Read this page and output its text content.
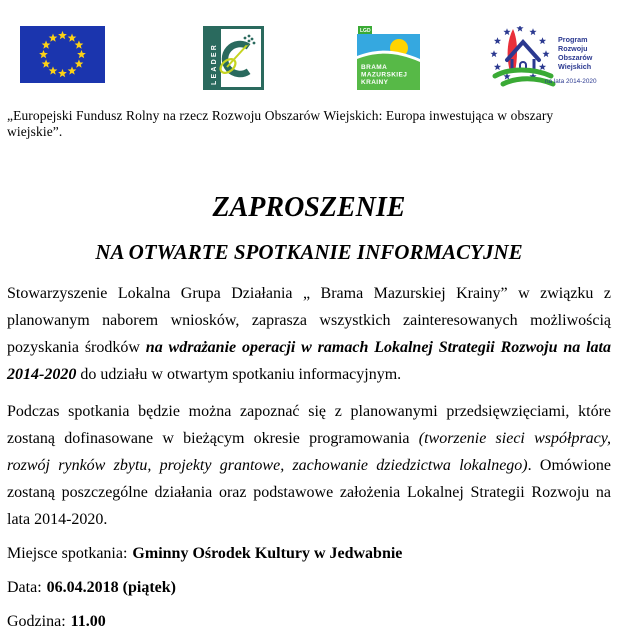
LEADER
LGD
BRAMA
MAZURSKIEJ
KRAINY
Program
Rozwoju
Obszarów
Wiejskich
na lata 2014-2020

„Europejski Fundusz Rolny na rzecz Rozwoju Obszarów Wiejskich: Europa inwestująca w obszary wiejskie”.

ZAPROSZENIE
NA OTWARTE SPOTKANIE INFORMACYJNE

Stowarzyszenie Lokalna Grupa Działania „ Brama Mazurskiej Krainy” w związku z planowanym naborem wniosków, zaprasza wszystkich zainteresowanych możliwością pozyskania środków na wdrażanie operacji w ramach Lokalnej Strategii Rozwoju na lata 2014-2020 do udziału w otwartym spotkaniu informacyjnym.

Podczas spotkania będzie można zapoznać się z planowanymi przedsięwzięciami, które zostaną dofinasowane w bieżącym okresie programowania (tworzenie sieci współpracy, rozwój rynków zbytu, projekty grantowe, zachowanie dziedzictwa lokalnego). Omówione zostaną poszczególne działania oraz podstawowe założenia Lokalnej Strategii Rozwoju na lata 2014-2020.

Miejsce spotkania: Gminny Ośrodek Kultury w Jedwabnie

Data: 06.04.2018 (piątek)

Godzina: 11.00
